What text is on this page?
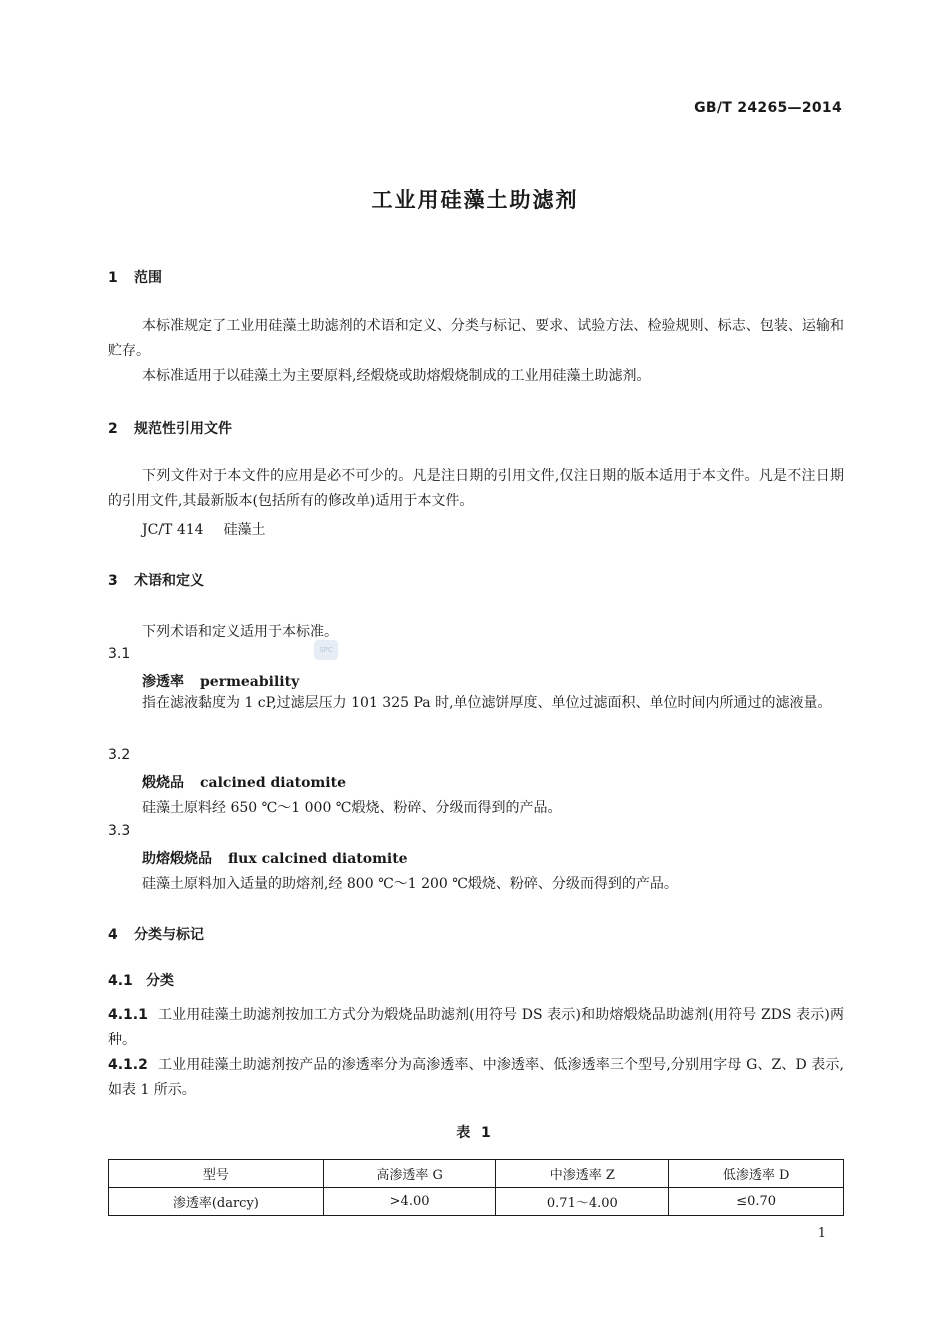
GB/T 24265—2014
工业用硅藻土助滤剂
1 范围
本标准规定了工业用硅藻土助滤剂的术语和定义、分类与标记、要求、试验方法、检验规则、标志、包装、运输和贮存。
本标准适用于以硅藻土为主要原料,经煅烧或助熔煅烧制成的工业用硅藻土助滤剂。
2 规范性引用文件
下列文件对于本文件的应用是必不可少的。凡是注日期的引用文件,仅注日期的版本适用于本文件。凡是不注日期的引用文件,其最新版本(包括所有的修改单)适用于本文件。
JC/T 414 硅藻土
3 术语和定义
下列术语和定义适用于本标准。
SPC
3.1
渗透率 permeability
指在滤液黏度为 1 cP,过滤层压力 101 325 Pa 时,单位滤饼厚度、单位过滤面积、单位时间内所通过的滤液量。
3.2
煅烧品 calcined diatomite
硅藻土原料经 650 ℃～1 000 ℃煅烧、粉碎、分级而得到的产品。
3.3
助熔煅烧品 flux calcined diatomite
硅藻土原料加入适量的助熔剂,经 800 ℃～1 200 ℃煅烧、粉碎、分级而得到的产品。
4 分类与标记
4.1 分类
4.1.1 工业用硅藻土助滤剂按加工方式分为煅烧品助滤剂(用符号 DS 表示)和助熔煅烧品助滤剂(用符号 ZDS 表示)两种。
4.1.2 工业用硅藻土助滤剂按产品的渗透率分为高渗透率、中渗透率、低渗透率三个型号,分别用字母 G、Z、D 表示,如表 1 所示。
表 1
型号	高渗透率 G	中渗透率 Z	低渗透率 D
渗透率(darcy)	>4.00	0.71～4.00	≤0.70
1
